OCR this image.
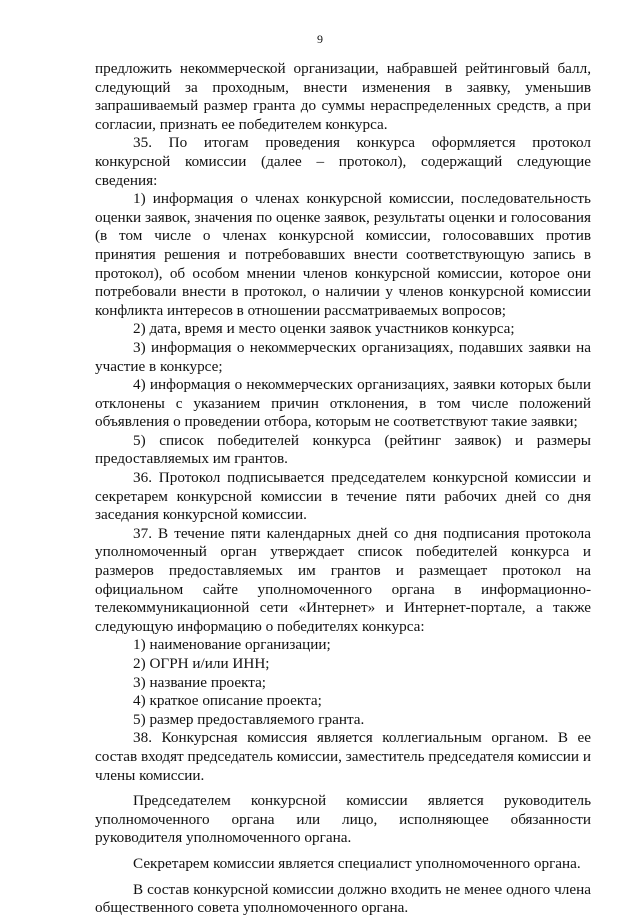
9

предложить некоммерческой организации, набравшей рейтинговый балл, следующий за проходным, внести изменения в заявку, уменьшив запрашиваемый размер гранта до суммы нераспределенных средств, а при согласии, признать ее победителем конкурса.

35. По итогам проведения конкурса оформляется протокол конкурсной комиссии (далее – протокол), содержащий следующие сведения:

1) информация о членах конкурсной комиссии, последовательность оценки заявок, значения по оценке заявок, результаты оценки и голосования (в том числе о членах конкурсной комиссии, голосовавших против принятия решения и потребовавших внести соответствующую запись в протокол), об особом мнении членов конкурсной комиссии, которое они потребовали внести в протокол, о наличии у членов конкурсной комиссии конфликта интересов в отношении рассматриваемых вопросов;

2) дата, время и место оценки заявок участников конкурса;

3) информация о некоммерческих организациях, подавших заявки на участие в конкурсе;

4) информация о некоммерческих организациях, заявки которых были отклонены с указанием причин отклонения, в том числе положений объявления о проведении отбора, которым не соответствуют такие заявки;

5) список победителей конкурса (рейтинг заявок) и размеры предоставляемых им грантов.

36. Протокол подписывается председателем конкурсной комиссии и секретарем конкурсной комиссии в течение пяти рабочих дней со дня заседания конкурсной комиссии.

37. В течение пяти календарных дней со дня подписания протокола уполномоченный орган утверждает список победителей конкурса и размеров предоставляемых им грантов и размещает протокол на официальном сайте уполномоченного органа в информационно-телекоммуникационной сети «Интернет» и Интернет-портале, а также следующую информацию о победителях конкурса:

1) наименование организации;

2) ОГРН и/или ИНН;

3) название проекта;

4) краткое описание проекта;

5) размер предоставляемого гранта.

38. Конкурсная комиссия является коллегиальным органом. В ее состав входят председатель комиссии, заместитель председателя комиссии и члены комиссии.

Председателем конкурсной комиссии является руководитель уполномоченного органа или лицо, исполняющее обязанности руководителя уполномоченного органа.

Секретарем комиссии является специалист уполномоченного органа.

В состав конкурсной комиссии должно входить не менее одного члена общественного совета уполномоченного органа.
